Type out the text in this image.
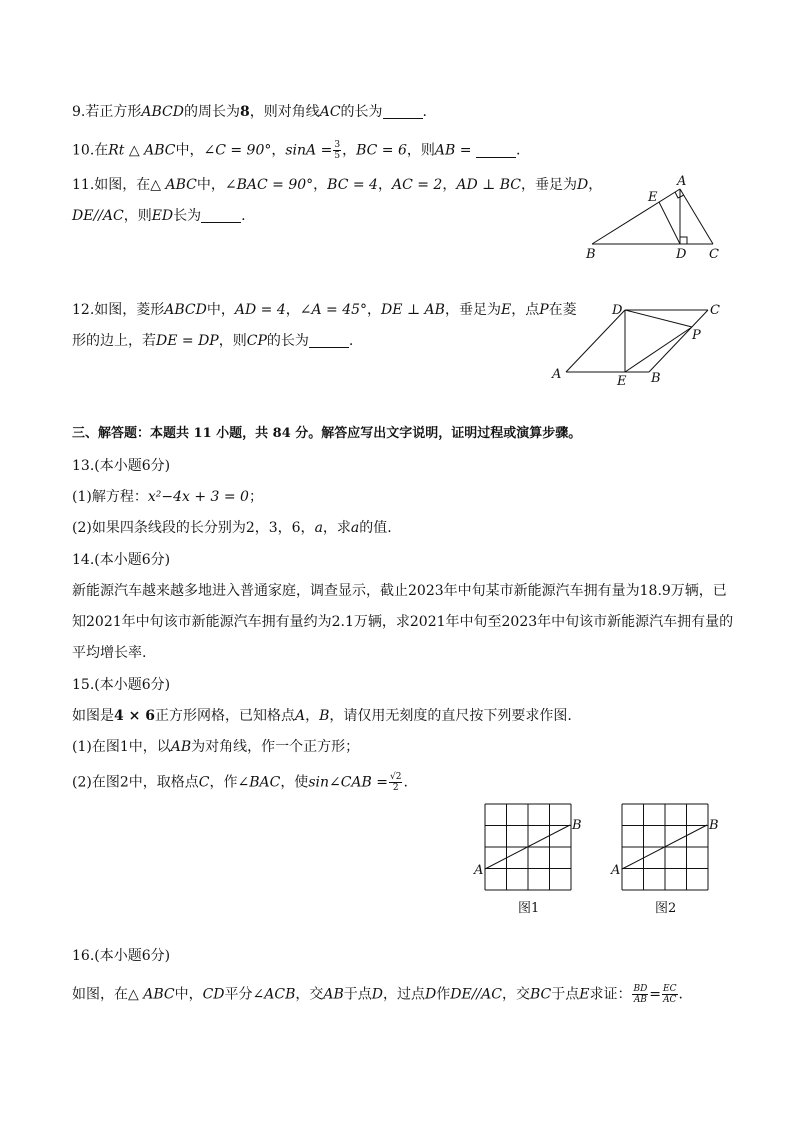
9.若正方形ABCD的周长为8，则对角线AC的长为	.
10.在Rt △ ABC中，∠C = 90°，$\sin A = \frac{3}{5}$ ，BC = 6，则AB =	.
11.如图，在△ ABC中，∠BAC = 90°，BC = 4，AC = 2，AD ⊥ BC，垂足为D，
DE//AC，则ED长为	.
A
E
B	D C
12.如图，菱形ABCD中，AD = 4，∠A = 45°，DE ⊥ AB，垂足为E，点P在菱
形的边上，若DE = DP，则CP的长为	.
D	C
P
A	E B
三、解答题：本题共 11 小题，共 84 分。解答应写出文字说明，证明过程或演算步骤。
13.(本小题6分)
(1)解方程：x²−4x + 3 = 0；
(2)如果四条线段的长分别为2，3，6，a，求a的值.
14.(本小题6分)
新能源汽车越来越多地进入普通家庭，调查显示，截止2023年中旬某市新能源汽车拥有量为18.9万辆，已
知2021年中旬该市新能源汽车拥有量约为2.1万辆，求2021年中旬至2023年中旬该市新能源汽车拥有量的
平均增长率.
15.(本小题6分)
如图是4 × 6正方形网格，已知格点A，B，请仅用无刻度的直尺按下列要求作图.
(1)在图1中，以AB为对角线，作一个正方形；
(2)在图2中，取格点C，作∠BAC，使sin∠CAB = $\frac{√2}{2}$ .
A
B
图1
A
B
图2
16.(本小题6分)
如图，在△ ABC中，CD平分∠ACB，交AB于点D，过点D作DE//AC，交BC于点E求证： $\frac{BD}{AB} = \frac{EC}{AC}$ .
